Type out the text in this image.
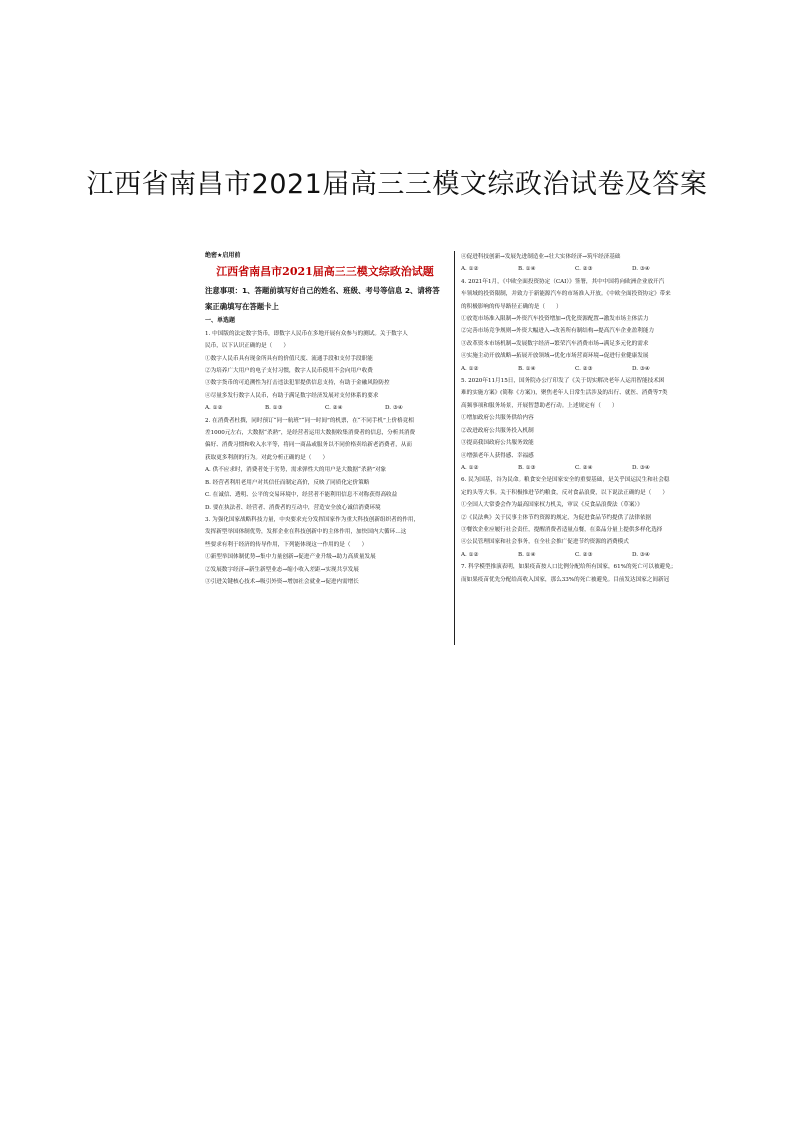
江西省南昌市2021届高三三模文综政治试卷及答案
绝密★启用前
江西省南昌市2021届高三三模文综政治试题
注意事项：1、答题前填写好自己的姓名、班级、考号等信息 2、请将答
案正确填写在答题卡上
一、单选题
1. 中国版的法定数字货币，即数字人民币在多地开展有众参与的测试。关于数字人
民币，以下认识正确的是（　　）
①数字人民币具有现金所具有的价值尺度、流通手段和支付手段职能
②为培养广大用户的电子支付习惯，数字人民币使用不会向用户收费
③数字货币的可追溯性为打击违法犯罪提供信息支持，有助于金融风险防控
④尽量多发行数字人民币，有助于满足数字经济发展对支付体系的要求
A. ①②	B. ①③	C. ②④	D. ③④
2. 在消费者杜撰，同时预订“同一航班”“同一时间”的机票，在“不同手机”上价格竟相
差1000元左右，大数据“杀熟”，是经营者运用大数据收集消费者的信息，分析其消费
偏好、消费习惯和收入水平等，将同一商品或服务以不同价格卖给新老消费者，从而
获取更多利润的行为。对此分析正确的是（　　）
A. 供不应求时，消费者处于劣势，需求弹性大的用户是大数据“杀熟”对象
B. 经营者利用老用户对其信任而制定高价，反映了同质化定价策略
C. 在诚信、透明、公平的交易环境中，经营者不能利用信息不对称获得高收益
D. 要在执法者、经营者、消费者的互动中，营造安全放心诚信消费环境
3. 为强化国家战略科技力量，中央要求充分发挥国家作为重大科技创新组织者的作用，
发挥新型举国体制优势，发挥企业在科技创新中的主体作用，加快国内大循环…这
些要求有利于经济的传导作用，下列能体现这一作用的是（　　）
①新型举国体制优势→集中力量创新→促进产业升级→助力高质量发展
②发展数字经济→新生新型业态→缩小收入差距→实现共享发展
③引进关键核心技术→吸引外资→增加社会就业→促进内需增长
④促进科技创新→发展先进制造业→壮大实体经济→筑牢经济基础
A. ①②	B. ①④	C. ②③	D. ③④
4. 2021年1月，《中欧全面投资协定（CAI）》签署，其中中国将向欧洲企业放开汽
车领域的投资限制，并致力于新能源汽车的市场准入开放。《中欧全面投资协定》带来
的积极影响的传导路径正确的是（　　）
①放宽市场准入限制→外资汽车投资增加→优化资源配置→激发市场主体活力
②完善市场竞争规则→外资大幅进入→改善所有制结构→提高汽车企业盈利能力
③改革资本市场机制→发展数字经济→繁荣汽车消费市场→满足多元化的需求
④实施主动开放战略→拓展开放领域→优化市场营商环境→促进行业健康发展
A. ①②	B. ①④	C. ②③	D. ③④
5. 2020年11月15日，国务院办公厅印发了《关于切实解决老年人运用智能技术困
难的实施方案》(简称《方案》)，聚焦老年人日常生活涉及的出行、就医、消费等7类
高频事项和服务场景，开展智慧助老行动。上述规定有（　　）
①增加政府公共服务供给内容
②改进政府公共服务投入机制
③提高我国政府公共服务效能
④增强老年人获得感、幸福感
A. ①②	B. ①③	C. ②④	D. ③④
6. 民为国基，谷为民命。粮食安全是国家安全的重要基础，是关乎国运民生和社会稳
定的头等大事。关于积极推进节约粮食，反对食品浪费，以下说法正确的是（　　）
①全国人大常委会作为最高国家权力机关，审议《反食品浪费法（草案）》
②《民法典》关于民事主体节约资源的规定，为促进食品节约提供了法律依据
③餐饮企业应履行社会责任，提醒消费者适量点餐，在菜品分量上提供多样化选择
④公民管理国家和社会事务，在全社会推广促进节约资源的消费模式
A. ①②	B. ①④	C. ②③	D. ③④
7. 科学模型推演表明，如果疫苗按人口比例分配给所有国家，61%的死亡可以被避免；
而如果疫苗优先分配给高收入国家，那么33%的死亡被避免。目前发达国家之间新冠
